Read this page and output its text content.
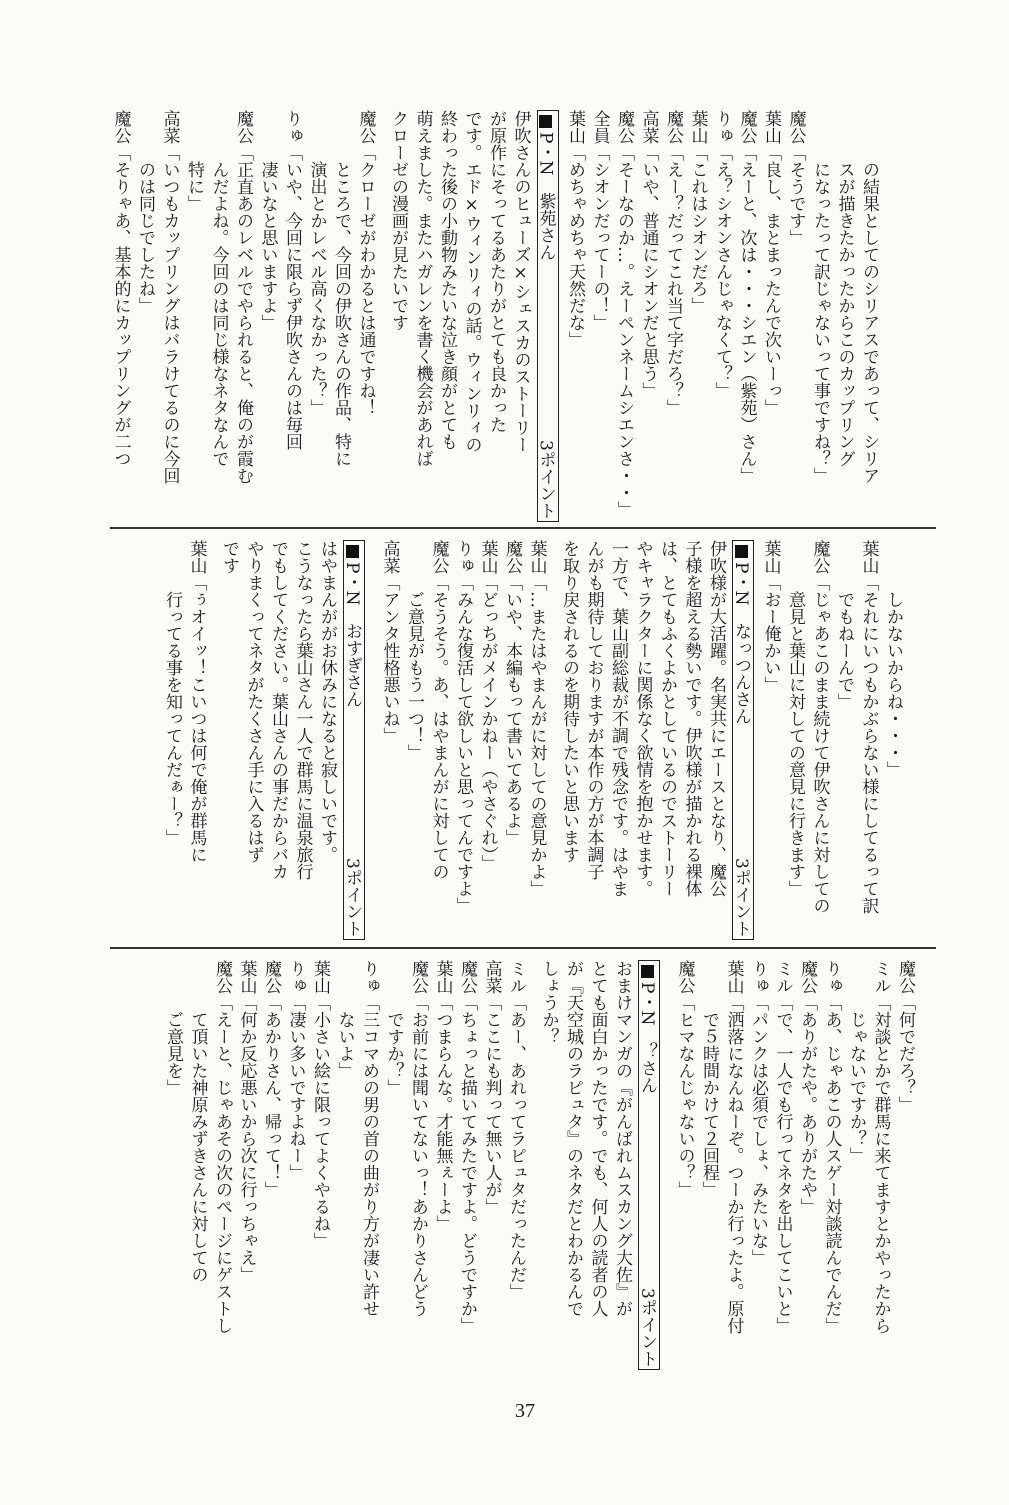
の結果としてのシリアスであって、シリア
スが描きたかったからこのカップリング
になったって訳じゃないって事ですね？」
魔公
「そうです」
葉山
「良し、まとまったんで次いーっ」
魔公
「えーと、次は・・・シエン（紫苑）さん」
りゅ
「え？シオンさんじゃなくて？」
葉山
「これはシオンだろ」
魔公
「えー？だってこれ当て字だろ？」
高菜
「いや、普通にシオンだと思う」
魔公
「そーなのか…。えーペンネームシエンさ・・」
全員
「シオンだってーの！」
葉山
「めちゃめちゃ天然だな」
P・N　紫苑さん
3ポイント
伊吹さんのヒューズ×シェスカのストーリー
が原作にそってるあたりがとても良かった
です。エド×ウィンリィの話。ウィンリィの
終わった後の小動物みたいな泣き顔がとても
萌えました。またハガレンを書く機会があれば
クローゼの漫画が見たいです
魔公
「クローゼがわかるとは通ですね！
ところで、今回の伊吹さんの作品、特に
演出とかレベル高くなかった？」
りゅ
「いや、今回に限らず伊吹さんのは毎回
凄いなと思いますよ」
魔公
「正直あのレベルでやられると、俺のが霞む
んだよね。今回のは同じ様なネタなんで
特に」
高菜
「いつもカップリングはバラけてるのに今回
のは同じでしたね」
魔公
「そりゃあ、基本的にカップリングが二つ
しかないからね・・・」
葉山
「それにいつもかぶらない様にしてるって訳
でもねーんで」
魔公
「じゃあこのまま続けて伊吹さんに対しての
意見と葉山に対しての意見に行きます」
葉山
「おー俺かい」
P・N　なっつんさん
3ポイント
伊吹様が大活躍。名実共にエースとなり、魔公
子様を超える勢いです。伊吹様が描かれる裸体
は、とてもふくよかとしているのでストーリー
やキャラクターに関係なく欲情を抱かせます。
一方で、葉山副総裁が不調で残念です。はやま
んがも期待しておりますが本作の方が本調子
を取り戻されるのを期待したいと思います
葉山
「…またはやまんがに対しての意見かよ」
魔公
「いや、本編もって書いてあるよ」
葉山
「どっちがメインかねー（やさぐれ）」
りゅ
「みんな復活して欲しいと思ってんですよ」
魔公
「そうそう。あ、はやまんがに対しての
ご意見がもう一つ！」
高菜
「アンタ性格悪いね」
P・N　おすぎさん
3ポイント
はやまんががお休みになると寂しいです。
こうなったら葉山さん一人で群馬に温泉旅行
でもしてください。葉山さんの事だからバカ
やりまくってネタがたくさん手に入るはず
です
葉山
「ぅオイッ！こいつは何で俺が群馬に
行ってる事を知ってんだぁー？」
魔公
「何でだろ？」
ミル
「対談とかで群馬に来てますとかやったから
じゃないですか？」
りゅ
「あ、じゃあこの人スゲー対談読んでんだ」
魔公
「ありがたや。ありがたや」
ミル
「で、一人でも行ってネタを出してこいと」
りゅ
「パンクは必須でしょ、みたいな」
葉山
「洒落になんねーぞ。つーか行ったよ。原付
で５時間かけて２回程」
魔公
「ヒマなんじゃないの？」
P・N　？さん
3ポイント
おまけマンガの『がんばれムスカング大佐』が
とても面白かったです。でも、何人の読者の人
が『天空城のラピュタ』のネタだとわかるんで
しょうか？
ミル
「あー、あれってラピュタだったんだ」
高菜
「ここにも判って無い人が」
魔公
「ちょっと描いてみたですよ。どうですか」
葉山
「つまらんな。才能無ぇーよ」
魔公
「お前には聞いてないっ！あかりさんどう
ですか？」
りゅ
「三コマめの男の首の曲がり方が凄い許せ
ないよ」
葉山
「小さい絵に限ってよくやるね」
りゅ
「凄い多いですよねー」
魔公
「あかりさん、帰って！」
葉山
「何か反応悪いから次に行っちゃえ」
魔公
「えーと、じゃあその次のページにゲストし
て頂いた神原みずきさんに対しての
ご意見を」
37
